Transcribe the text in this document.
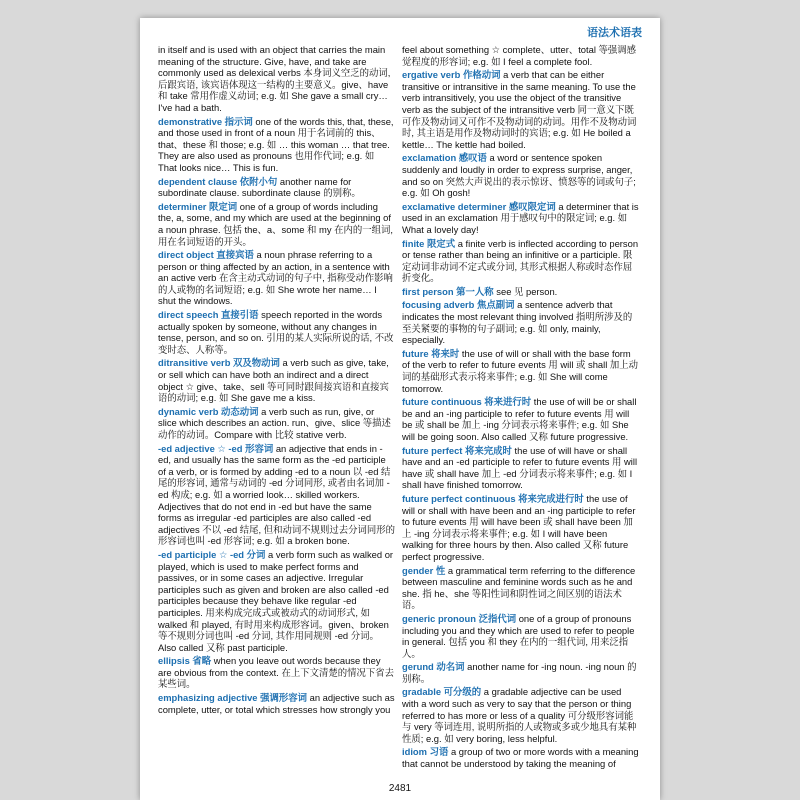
语法术语表
in itself and is used with an object that carries the main meaning of the structure. Give, have, and take are commonly used as delexical verbs 本身词义空乏的动词, 后跟宾语, 该宾语体现这一结构的主要意义。give、have 和 take 常用作虚义动词; e.g. 如 She gave a small cry… I've had a bath.
demonstrative 指示词 one of the words this, that, these, and those used in front of a noun 用于名词前的 this、that、these 和 those; e.g. 如 … this woman … that tree. They are also used as pronouns 也用作代词; e.g. 如 That looks nice… This is fun.
dependent clause 依附小句 another name for subordinate clause. subordinate clause 的别称。
determiner 限定词 one of a group of words including the, a, some, and my which are used at the beginning of a noun phrase. 包括 the、a、some 和 my 在内的一组词, 用在名词短语的开头。
direct object 直接宾语 a noun phrase referring to a person or thing affected by an action, in a sentence with an active verb 在含主动式动词的句子中, 指称受动作影响的人或物的名词短语; e.g. 如 She wrote her name… I shut the windows.
direct speech 直接引语 speech reported in the words actually spoken by someone, without any changes in tense, person, and so on. 引用的某人实际所说的话, 不改变时态、人称等。
ditransitive verb 双及物动词 a verb such as give, take, or sell which can have both an indirect and a direct object ☆ give、take、sell 等可同时跟间接宾语和直接宾语的动词; e.g. 如 She gave me a kiss.
dynamic verb 动态动词 a verb such as run, give, or slice which describes an action. run、give、slice 等描述动作的动词。Compare with 比较 stative verb.
-ed adjective ☆ -ed 形容词 an adjective that ends in -ed, and usually has the same form as the -ed participle of a verb, or is formed by adding -ed to a noun 以 -ed 结尾的形容词, 通常与动词的 -ed 分词同形, 或者由名词加 -ed 构成; e.g. 如 a worried look… skilled workers. Adjectives that do not end in -ed but have the same forms as irregular -ed participles are also called -ed adjectives 不以 -ed 结尾, 但和动词不规则过去分词同形的形容词也叫 -ed 形容词; e.g. 如 a broken bone.
-ed participle ☆ -ed 分词 a verb form such as walked or played, which is used to make perfect forms and passives, or in some cases an adjective. Irregular participles such as given and broken are also called -ed participles because they behave like regular -ed participles. 用来构成完成式或被动式的动词形式, 如 walked 和 played, 有时用来构成形容词。given、broken 等不规则分词也叫 -ed 分词, 其作用同规则 -ed 分词。Also called 又称 past participle.
ellipsis 省略 when you leave out words because they are obvious from the context. 在上下文清楚的情况下省去某些词。
emphasizing adjective 强调形容词 an adjective such as complete, utter, or total which stresses how strongly you
feel about something ☆ complete、utter、total 等强调感觉程度的形容词; e.g. 如 I feel a complete fool.
ergative verb 作格动词 a verb that can be either transitive or intransitive in the same meaning. To use the verb intransitively, you use the object of the transitive verb as the subject of the intransitive verb 同一意义下既可作及物动词又可作不及物动词的动词。用作不及物动词时, 其主语是用作及物动词时的宾语; e.g. 如 He boiled a kettle… The kettle had boiled.
exclamation 感叹语 a word or sentence spoken suddenly and loudly in order to express surprise, anger, and so on 突然大声说出的表示惊讶、愤怒等的词或句子; e.g. 如 Oh gosh!
exclamative determiner 感叹限定词 a determiner that is used in an exclamation 用于感叹句中的限定词; e.g. 如 What a lovely day!
finite 限定式 a finite verb is inflected according to person or tense rather than being an infinitive or a participle. 限定动词非动词不定式或分词, 其形式根据人称或时态作屈折变化。
first person 第一人称 see 见 person.
focusing adverb 焦点副词 a sentence adverb that indicates the most relevant thing involved 指明所涉及的至关紧要的事物的句子副词; e.g. 如 only, mainly, especially.
future 将来时 the use of will or shall with the base form of the verb to refer to future events 用 will 或 shall 加上动词的基础形式表示将来事件; e.g. 如 She will come tomorrow.
future continuous 将来进行时 the use of will be or shall be and an -ing participle to refer to future events 用 will be 或 shall be 加上 -ing 分词表示将来事件; e.g. 如 She will be going soon. Also called 又称 future progressive.
future perfect 将来完成时 the use of will have or shall have and an -ed participle to refer to future events 用 will have 或 shall have 加上 -ed 分词表示将来事件; e.g. 如 I shall have finished tomorrow.
future perfect continuous 将来完成进行时 the use of will or shall with have been and an -ing participle to refer to future events 用 will have been 或 shall have been 加上 -ing 分词表示将来事件; e.g. 如 I will have been walking for three hours by then. Also called 又称 future perfect progressive.
gender 性 a grammatical term referring to the difference between masculine and feminine words such as he and she. 指 he、she 等阳性词和阴性词之间区别的语法术语。
generic pronoun 泛指代词 one of a group of pronouns including you and they which are used to refer to people in general. 包括 you 和 they 在内的一组代词, 用来泛指人。
gerund 动名词 another name for -ing noun. -ing noun 的别称。
gradable 可分级的 a gradable adjective can be used with a word such as very to say that the person or thing referred to has more or less of a quality 可分级形容词能与 very 等词连用, 说明所指的人或物或多或少地具有某种性质; e.g. 如 very boring, less helpful.
idiom 习语 a group of two or more words with a meaning that cannot be understood by taking the meaning of
2481
